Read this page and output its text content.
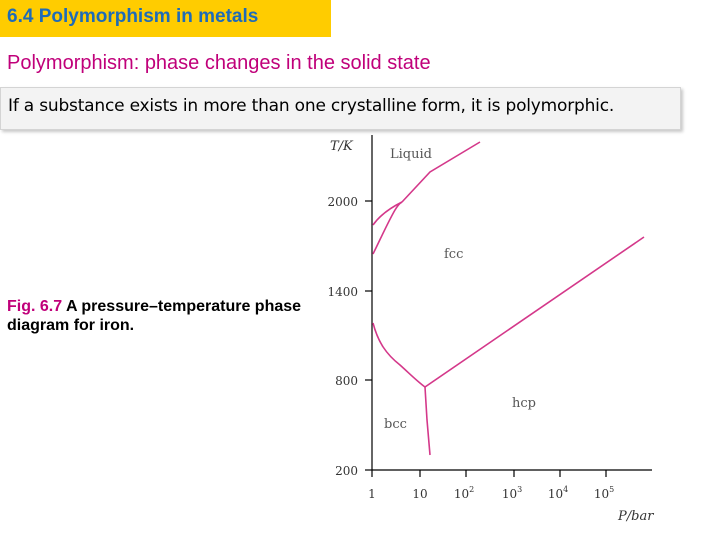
6.4 Polymorphism in metals
Polymorphism: phase changes in the solid state
If a substance exists in more than one crystalline form, it is polymorphic.
Fig. 6.7 A pressure–temperature phase diagram for iron.
2000
1400
800
200
1	10 $10^2$ $10^3$ $10^4$ $10^5$
T/K
P/bar
Liquid
fcc
hcp
bcc
